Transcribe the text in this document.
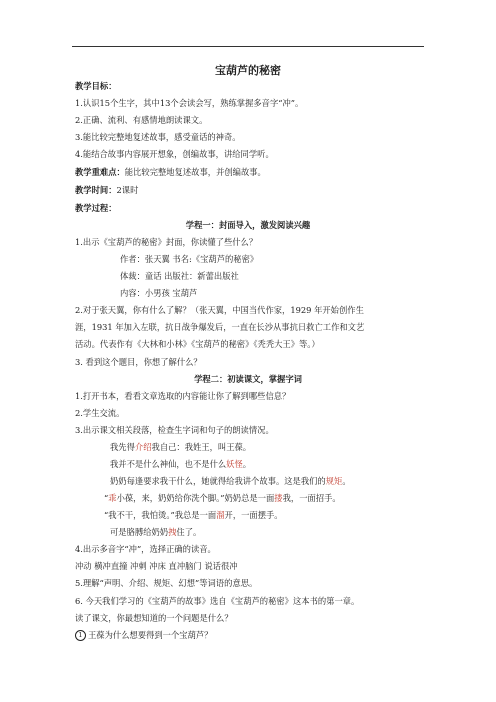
宝葫芦的秘密
教学目标：
1.认识15个生字，其中13个会读会写，熟练掌握多音字“冲”。
2.正确、流利、有感情地朗读课文。
3.能比较完整地复述故事，感受童话的神奇。
4.能结合故事内容展开想象，创编故事，讲给同学听。
教学重难点：能比较完整地复述故事，并创编故事。
教学时间：2课时
教学过程：
学程一：封面导入，激发阅读兴趣
1.出示《宝葫芦的秘密》封面，你读懂了些什么？
作者：张天翼 书名:《宝葫芦的秘密》
体裁：童话 出版社：新蕾出版社
内容：小男孩 宝葫芦
2.对于张天翼，你有什么了解？（张天翼，中国当代作家，1929 年开始创作生
涯，1931 年加入左联，抗日战争爆发后，一直在长沙从事抗日救亡工作和文艺
活动。代表作有《大林和小林》《宝葫芦的秘密》《秃秃大王》等。）
3. 看到这个题目，你想了解什么？
学程二：初读课文，掌握字词
1.打开书本，看看文章选取的内容能让你了解到哪些信息？
2.学生交流。
3.出示课文相关段落，检查生字词和句子的朗读情况。
我先得介绍我自己：我姓王，叫王葆。
我并不是什么神仙，也不是什么妖怪。
奶奶每逢要求我干什么，她就得给我讲个故事。这是我们的规矩。
“乖小葆，来，奶奶给你洗个脚。”奶奶总是一面搂我，一面招手。
“我不干，我怕烫。”我总是一面溜开，一面摆手。
可是胳膊给奶奶拽住了。
4.出示多音字“冲”，选择正确的读音。
冲动 横冲直撞 冲刺 冲床 直冲脑门 说话很冲
5.理解“声明、介绍、规矩、幻想”等词语的意思。
6. 今天我们学习的《宝葫芦的故事》选自《宝葫芦的秘密》这本书的第一章。
读了课文，你最想知道的一个问题是什么？
1 王葆为什么想要得到一个宝葫芦？
